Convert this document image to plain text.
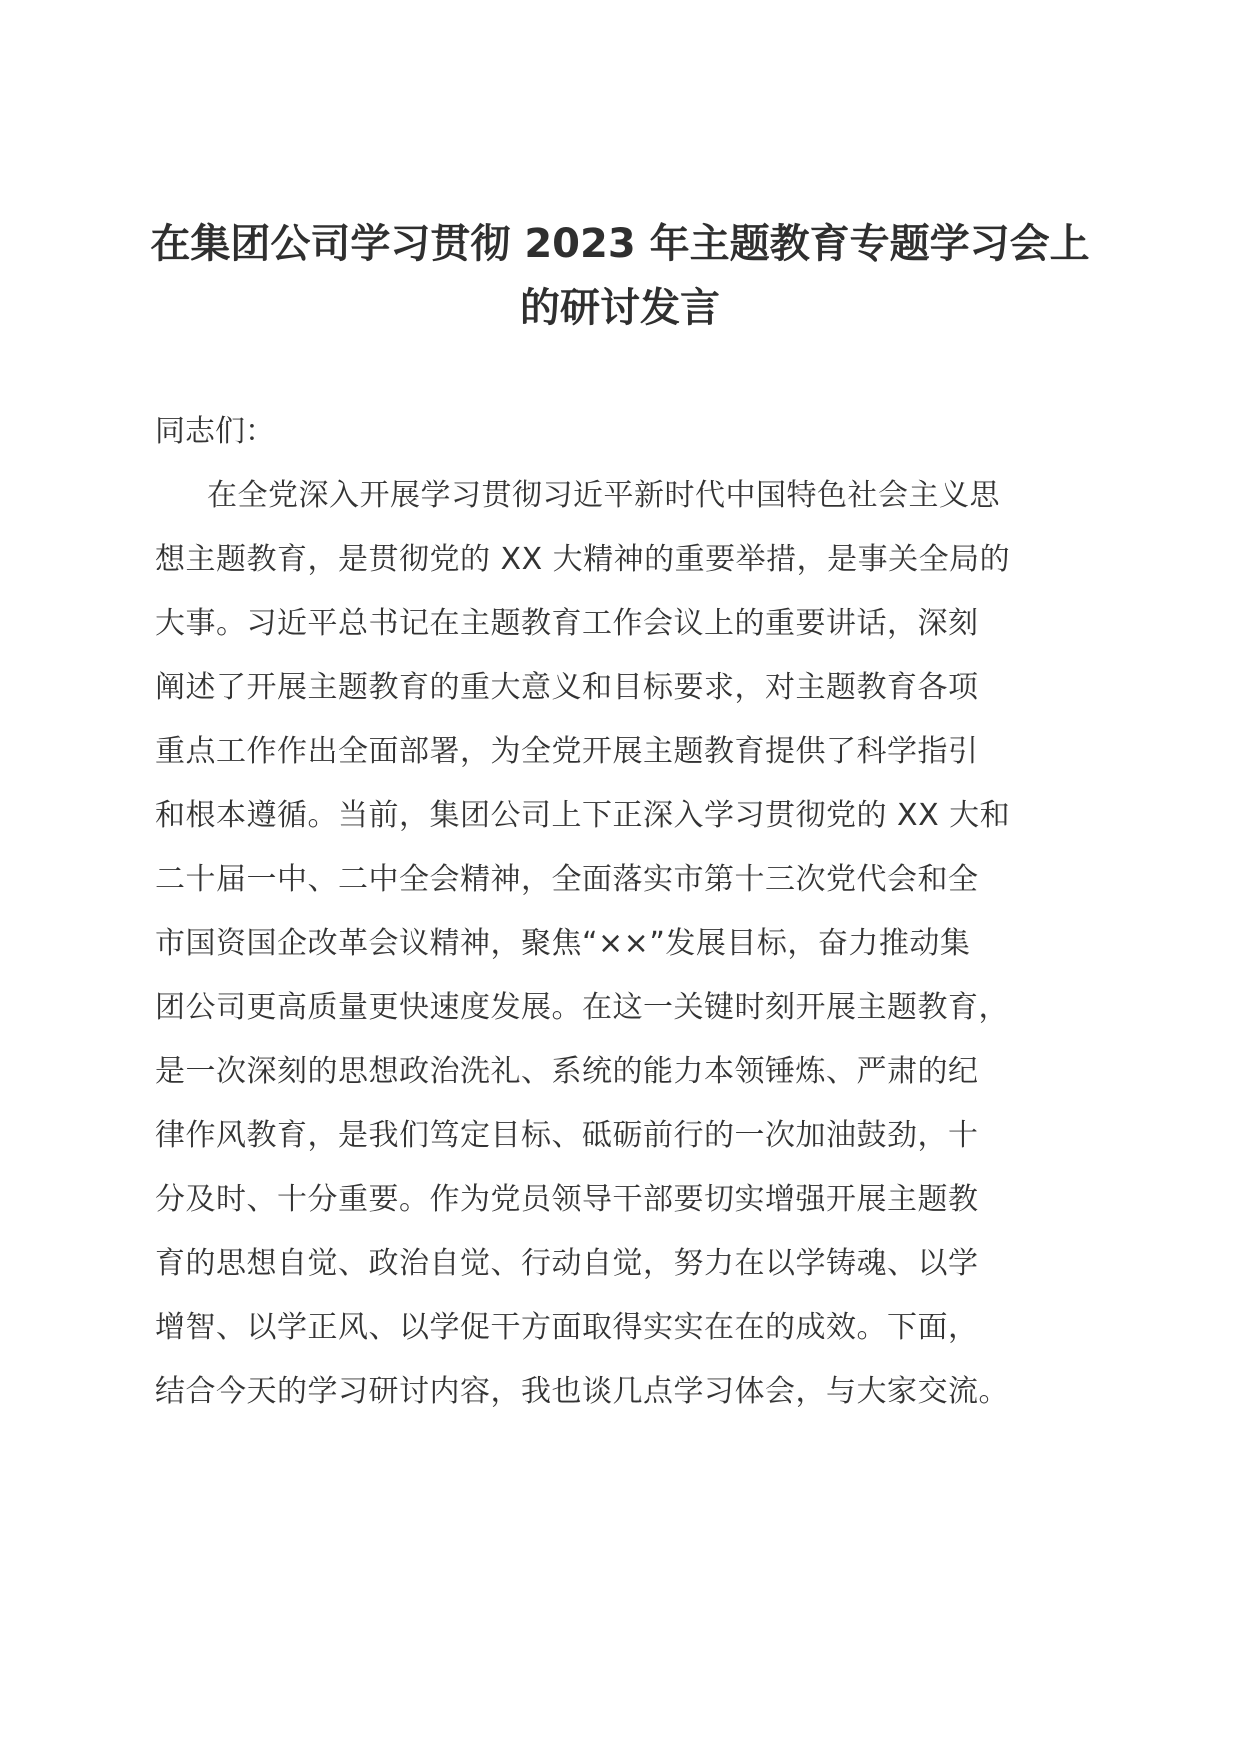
在集团公司学习贯彻 2023 年主题教育专题学习会上的研讨发言

同志们：

在全党深入开展学习贯彻习近平新时代中国特色社会主义思
想主题教育，是贯彻党的 XX 大精神的重要举措，是事关全局的
大事。习近平总书记在主题教育工作会议上的重要讲话，深刻
阐述了开展主题教育的重大意义和目标要求，对主题教育各项
重点工作作出全面部署，为全党开展主题教育提供了科学指引
和根本遵循。当前，集团公司上下正深入学习贯彻党的 XX 大和
二十届一中、二中全会精神，全面落实市第十三次党代会和全
市国资国企改革会议精神，聚焦“××”发展目标，奋力推动集
团公司更高质量更快速度发展。在这一关键时刻开展主题教育，
是一次深刻的思想政治洗礼、系统的能力本领锤炼、严肃的纪
律作风教育，是我们笃定目标、砥砺前行的一次加油鼓劲，十
分及时、十分重要。作为党员领导干部要切实增强开展主题教
育的思想自觉、政治自觉、行动自觉，努力在以学铸魂、以学
增智、以学正风、以学促干方面取得实实在在的成效。下面，
结合今天的学习研讨内容，我也谈几点学习体会，与大家交流。
